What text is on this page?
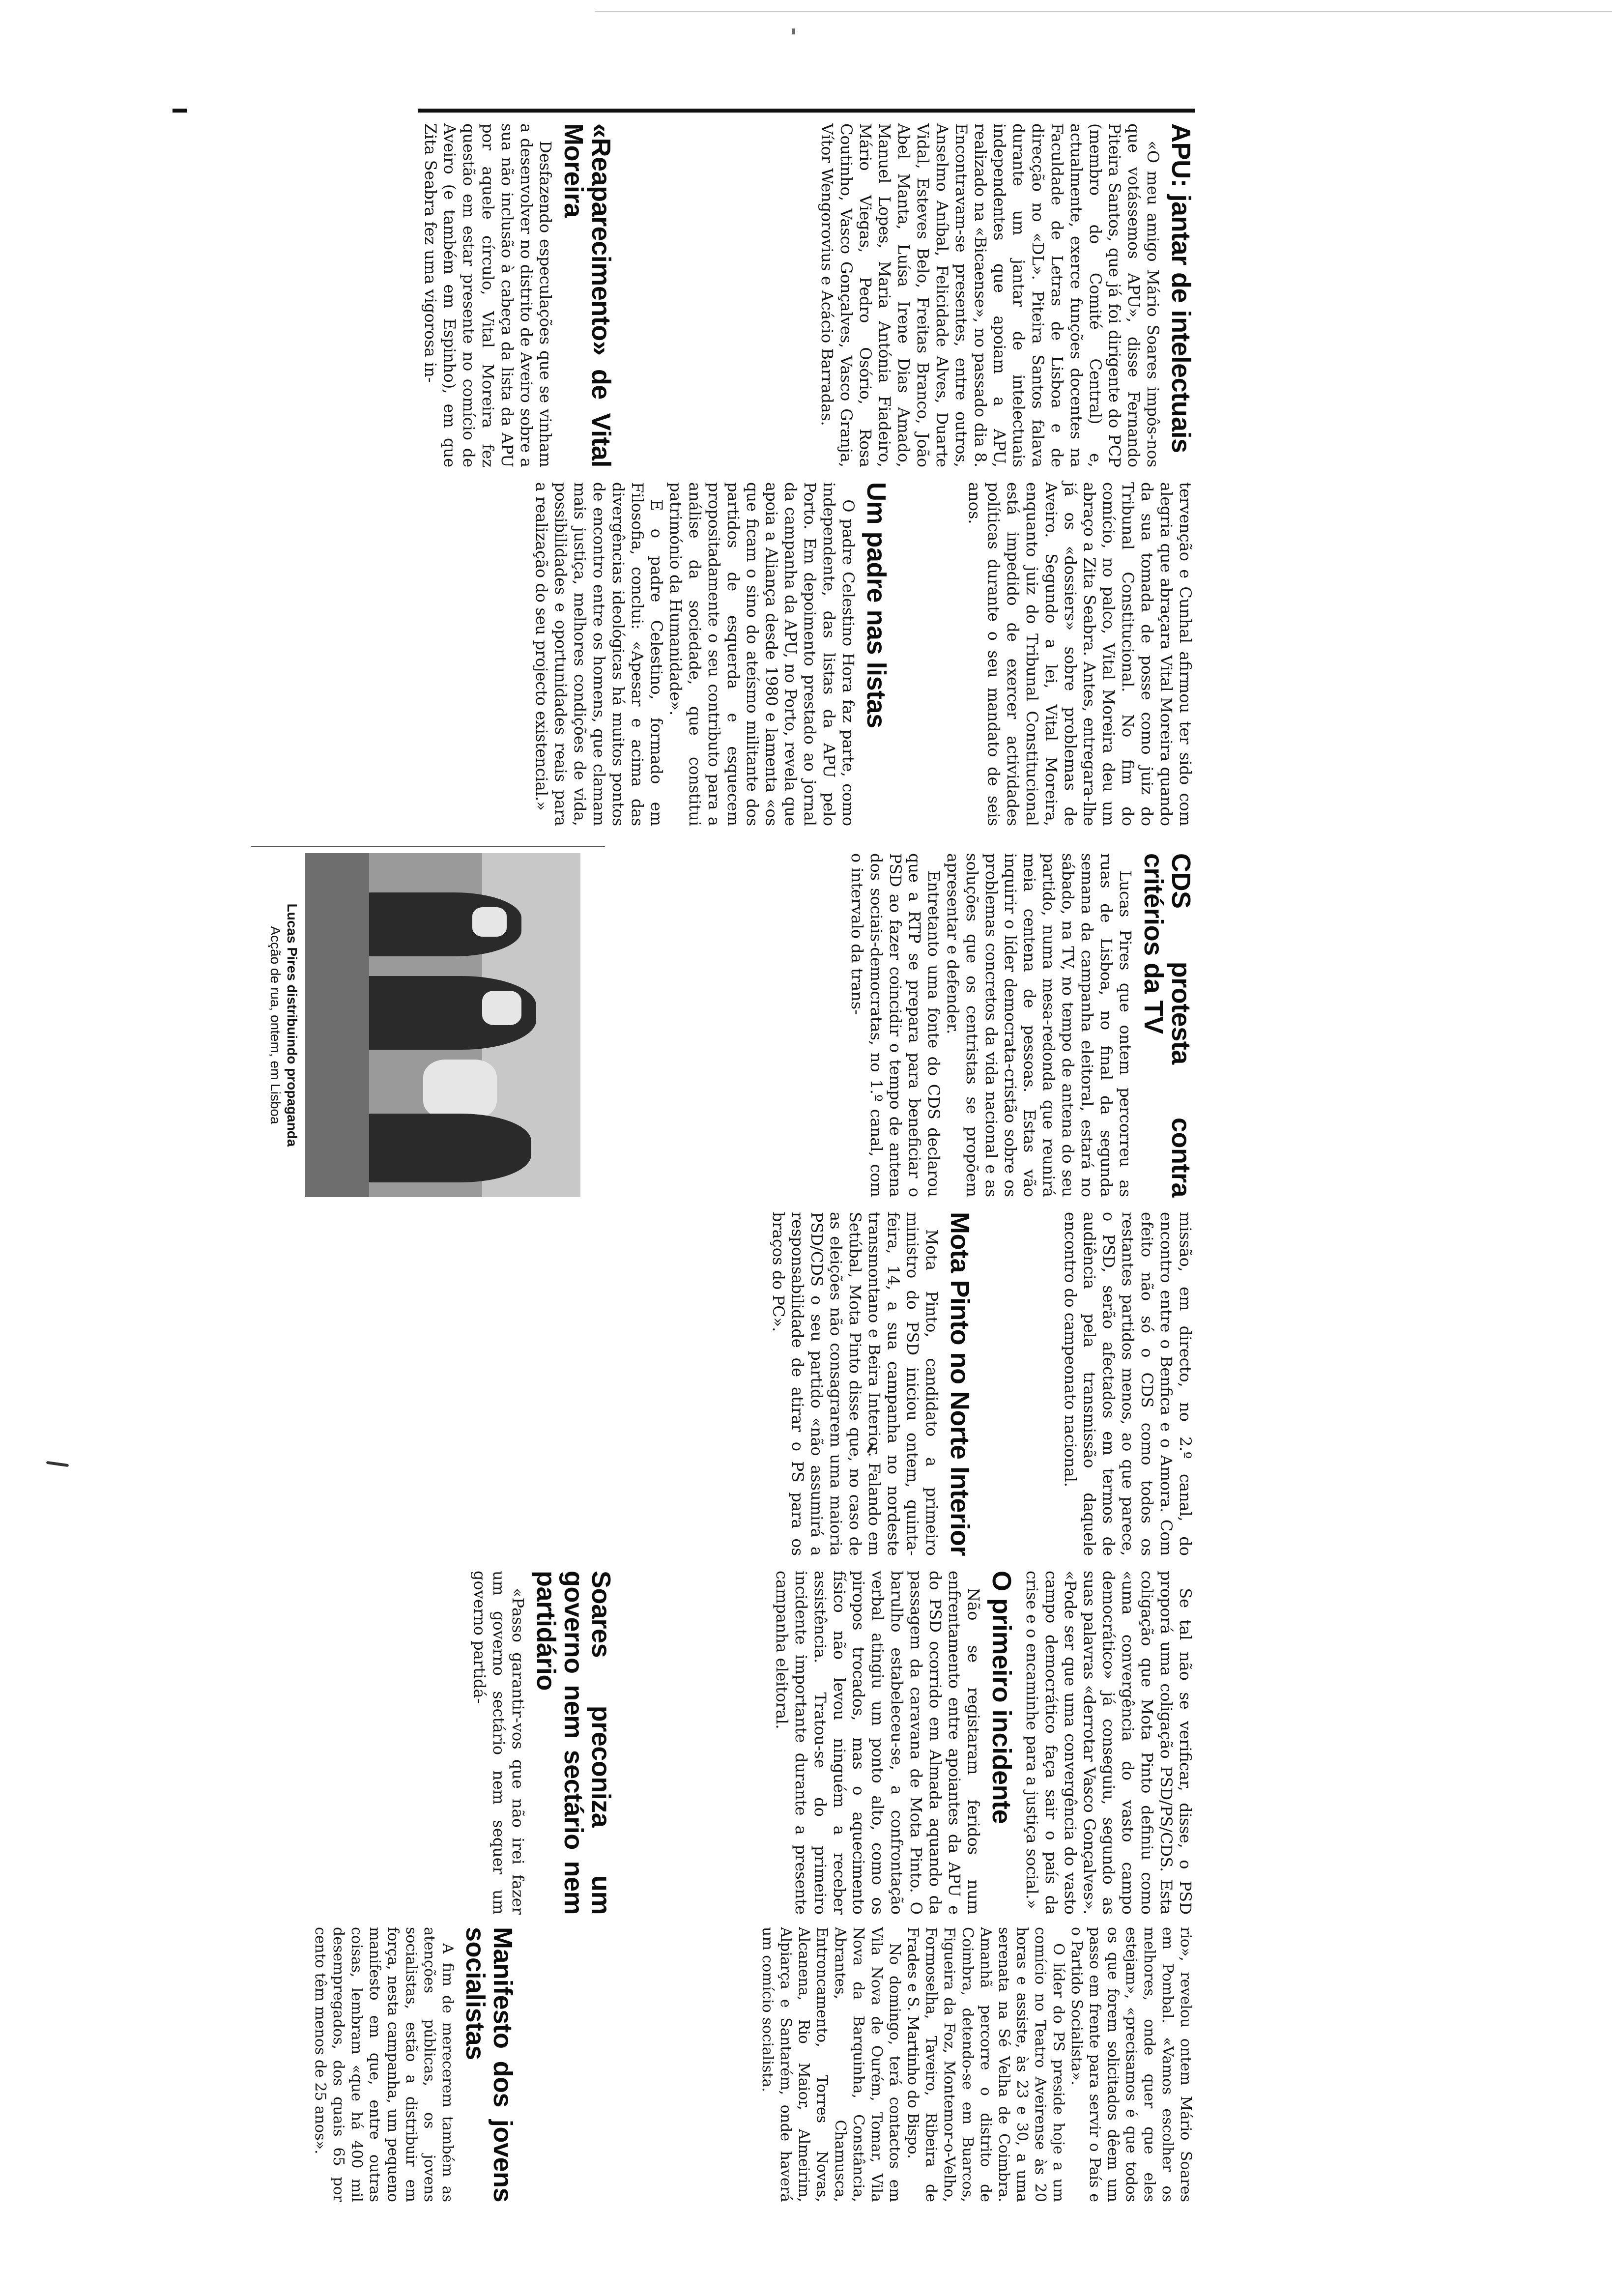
APU: jantar de intelectuais

«O meu amigo Mário Soares impôs-nos que votássemos APU», disse Fernando Piteira Santos, que já foi dirigente do PCP (membro do Comité Central) e, actualmente, exerce funções docentes na Faculdade de Letras de Lisboa e de direcção no «DL». Piteira Santos falava durante um jantar de intelectuais independentes que apoiam a APU, realizado na «Bicaense», no passado dia 8. Encontravam-se presentes, entre outros, Anselmo Aníbal, Felicidade Alves, Duarte Vidal, Esteves Belo, Freitas Branco, João Abel Manta, Luísa Irene Dias Amado, Manuel Lopes, Maria Antónia Fiadeiro, Mário Viegas, Pedro Osório, Rosa Coutinho, Vasco Gonçalves, Vasco Granja, Vítor Wengorovius e Acácio Barradas.

«Reaparecimento» de Vital Moreira

Desfazendo especulações que se vinham a desenvolver no distrito de Aveiro sobre a sua não inclusão à cabeça da lista da APU por aquele círculo, Vital Moreira fez questão em estar presente no comício de Aveiro (e também em Espinho), em que Zita Seabra fez uma vigorosa in-

tervenção e Cunhal afirmou ter sido com alegria que abraçara Vital Moreira quando da sua tomada de posse como juiz do Tribunal Constitucional. No fim do comício, no palco, Vital Moreira deu um abraço a Zita Seabra. Antes, entregara-lhe já os «dossiers» sobre problemas de Aveiro. Segundo a lei, Vital Moreira, enquanto juiz do Tribunal Constitucional está impedido de exercer actividades políticas durante o seu mandato de seis anos.

Um padre nas listas

O padre Celestino Hora faz parte, como independente, das listas da APU pelo Porto. Em depoimento prestado ao jornal da campanha da APU, no Porto, revela que apoia a Aliança desde 1980 e lamenta «os que ficam o sino do ateísmo militante dos partidos de esquerda e esquecem propositadamente o seu contributo para a análise da sociedade, que constitui património da Humanidade».

E o padre Celestino, formado em Filosofia, conclui: «Apesar e acima das divergências ideológicas há muitos pontos de encontro entre os homens, que clamam mais justiça, melhores condições de vida, possibilidades e oportunidades reais para a realização do seu projecto existencial.»

CDS protesta contra critérios da TV

Lucas Pires que ontem percorreu as ruas de Lisboa, no final da segunda semana da campanha eleitoral, estará no sábado, na TV, no tempo de antena do seu partido, numa mesa-redonda que reunirá meia centena de pessoas. Estas vão inquirir o líder democrata-cristão sobre os problemas concretos da vida nacional e as soluções que os centristas se propõem apresentar e defender.

Entretanto uma fonte do CDS declarou que a RTP se prepara para beneficiar o PSD ao fazer coincidir o tempo de antena dos sociais-democratas, no 1.º canal, com o intervalo da trans-

Lucas Pires distribuindo propaganda
Acção de rua, ontem, em Lisboa

missão, em directo, no 2.º canal, do encontro entre o Benfica e o Amora. Com efeito não só o CDS como todos os restantes partidos menos, ao que parece, o PSD, serão afectados em termos de audiência pela transmissão daquele encontro do campeonato nacional.

Mota Pinto no Norte Interior

Mota Pinto, candidato a primeiro ministro do PSD iniciou ontem, quinta-feira, 14, a sua campanha no nordeste transmontano e Beira Interior. Falando em Setúbal, Mota Pinto disse que, no caso de as eleições não consagrarem uma maioria PSD/CDS o seu partido «não assumirá a responsabilidade de atirar o PS para os braços do PC».

Se tal não se verificar, disse, o PSD proporá uma coligação PSD/PS/CDS. Esta coligação que Mota Pinto definiu como «uma convergência do vasto campo democrático» já conseguiu, segundo as suas palavras «derrotar Vasco Gonçalves». «Pode ser que uma convergência do vasto campo democrático faça sair o país da crise e o encaminhe para a justiça social.»

O primeiro incidente

Não se registaram feridos num enfrentamento entre apoiantes da APU e do PSD ocorrido em Almada aquando da passagem da caravana de Mota Pinto. O barulho estabeleceu-se, a confrontação verbal atingiu um ponto alto, como os piropos trocados, mas o aquecimento físico não levou ninguém a receber assistência. Tratou-se do primeiro incidente importante durante a presente campanha eleitoral.

Soares preconiza um governo nem sectário nem partidário

«Passo garantir-vos que não irei fazer um governo sectário nem sequer um governo partidá-

rio», revelou ontem Mário Soares em Pombal. «Vamos escolher os melhores, onde quer que eles estejam», «precisamos é que todos os que forem solicitados dêem um passo em frente para servir o País e o Partido Socialista».

O líder do PS preside hoje a um comício no Teatro Aveirense às 20 horas e assiste, às 23 e 30, a uma serenata na Sé Velha de Coimbra. Amanhã percorre o distrito de Coimbra, detendo-se em Buarcos, Figueira da Foz, Montemor-o-Velho, Formoselha, Taveiro, Ribeira de Frades e S. Martinho do Bispo.

No domingo, terá contactos em Vila Nova de Ourém, Tomar, Vila Nova da Barquinha, Constância, Abrantes, Chamusca, Entroncamento, Torres Novas, Alcanena, Rio Maior, Almeirim, Alpiarça e Santarém, onde haverá um comício socialista.

Manifesto dos jovens socialistas

A fim de merecerem também as atenções públicas, os jovens socialistas, estão a distribuir em força, nesta campanha, um pequeno manifesto em que, entre outras coisas, lembram «que há 400 mil desempregados, dos quais 65 por cento têm menos de 25 anos».
